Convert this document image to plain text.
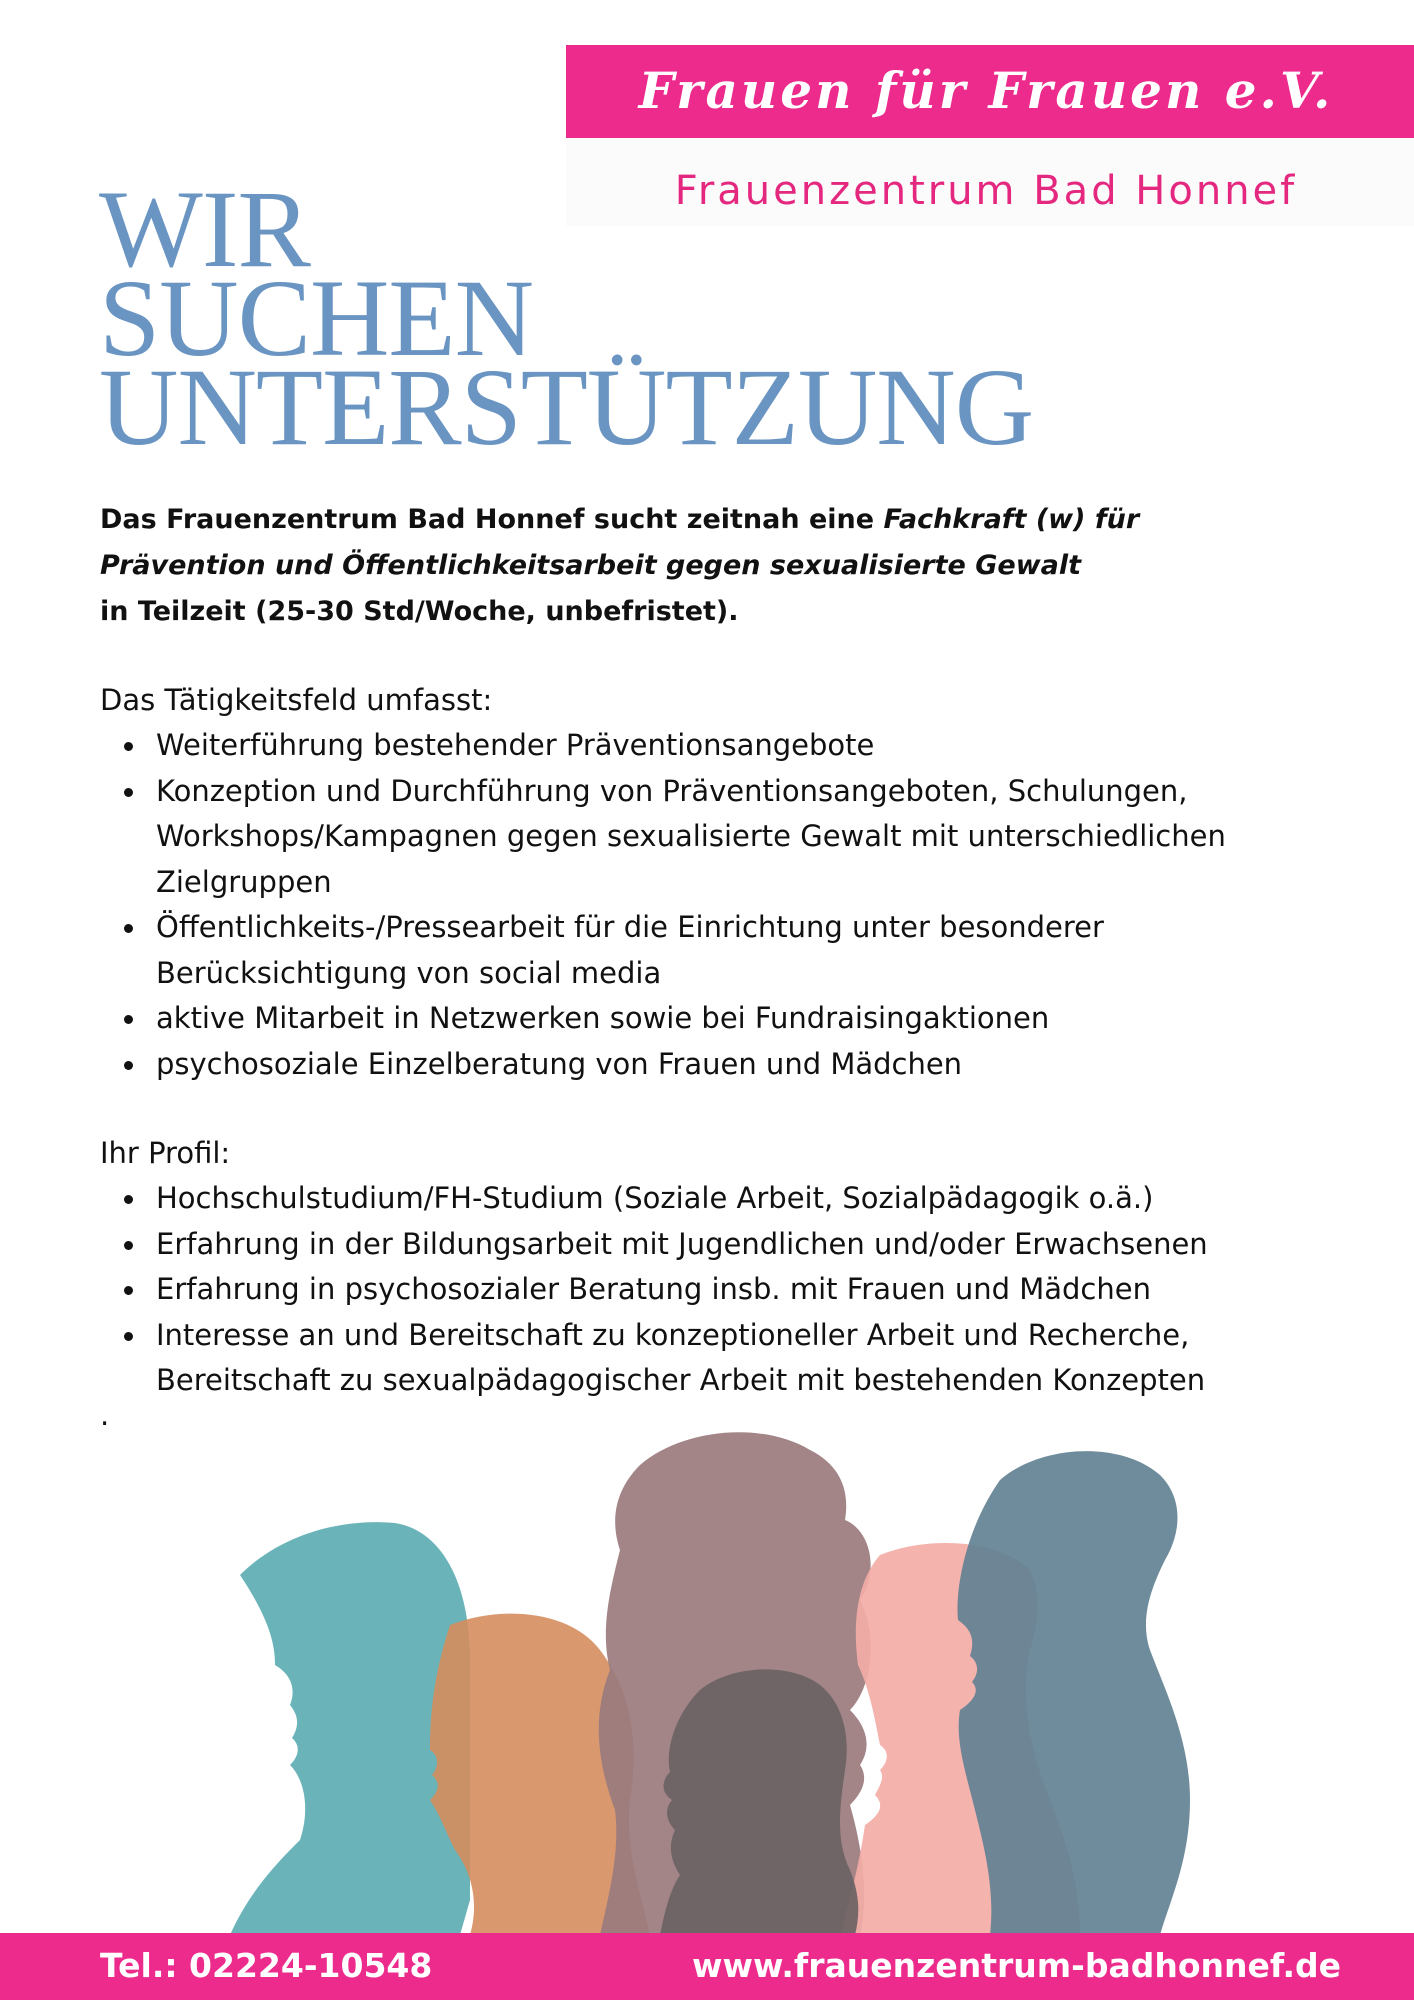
Frauen für Frauen e.V.
Frauenzentrum Bad Honnef
WIR
SUCHEN
UNTERSTÜTZUNG

Das Frauenzentrum Bad Honnef sucht zeitnah eine Fachkraft (w) für
Prävention und Öffentlichkeitsarbeit gegen sexualisierte Gewalt
in Teilzeit (25-30 Std/Woche, unbefristet).

Das Tätigkeitsfeld umfasst:

Weiterführung bestehender Präventionsangebote
Konzeption und Durchführung von Präventionsangeboten, Schulungen, Workshops/Kampagnen gegen sexualisierte Gewalt mit unterschiedlichen Zielgruppen
Öffentlichkeits-/Pressearbeit für die Einrichtung unter besonderer Berücksichtigung von social media
aktive Mitarbeit in Netzwerken sowie bei Fundraisingaktionen
psychosoziale Einzelberatung von Frauen und Mädchen

Ihr Profil:

Hochschulstudium/FH-Studium (Soziale Arbeit, Sozialpädagogik o.ä.)
Erfahrung in der Bildungsarbeit mit Jugendlichen und/oder Erwachsenen
Erfahrung in psychosozialer Beratung insb. mit Frauen und Mädchen
Interesse an und Bereitschaft zu konzeptioneller Arbeit und Recherche, Bereitschaft zu sexualpädagogischer Arbeit mit bestehenden Konzepten
.
Tel.: 02224-10548	www.frauenzentrum-badhonnef.de
